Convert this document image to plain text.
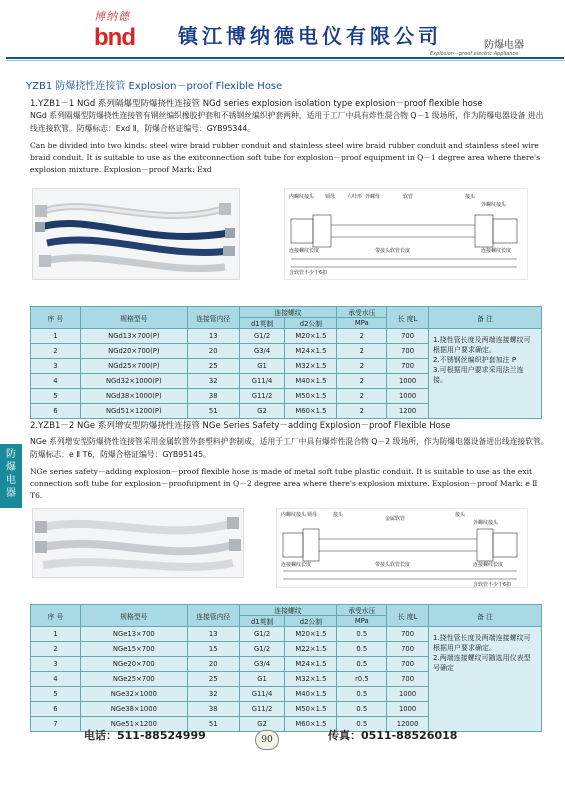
博纳德
bnd 镇江博纳德电仪有限公司	防爆电器
Explosion－proof electric Appliance
YZB1 防爆挠性连接管 Explosion－proof Flexible Hose
1.YZB1－1 NGd 系列隔爆型防爆挠性连接管 NGd series explosion isolation type explosion－proof flexible hose
NGd 系列隔爆型防爆挠性连接管有钢丝编织橡胶护套和不锈钢丝编织护套两种，适用于工厂中具有炸性混合物 Q－1 级场所，作为防爆电器设备 进出线连接软管。防爆标志：Exd Ⅱ，防爆合格证编号：GYB95344。
Can be divided into two kinds: steel wire braid rubber conduit and stainless steel wire braid rubber conduit and stainless steel wire braid conduit. It is suitable to use as the exitconnection soft tube for explosion－proof equipment in Q－1 degree area where there's explosion mixture. Explosion－proof Mark: Exd
内螺纹接头 锁母 六叶形 外螺母	软管	接头
外螺纹接头
连接螺纹长度	带接头软管长度	连接螺纹长度
含软管不少于6扣
序 号	规格型号	连接管内径	连接螺纹		承受水压	长 度L	备 注
			d1英制	d2公制	MPa		
1	NGd13×700(P)	13	G1/2	M20×1.5	2	700	1.挠性管长度及两端连接螺纹可根据用户要求确定。
2.不锈钢丝编织护套加注 P
3.可根据用户要求采用法兰连接。
2	NGd20×700(P)	20	G3/4	M24×1.5	2	700	
3	NGd25×700(P)	25	G1	M32×1.5	2	700	
4	NGd32×1000(P)	32	G11/4	M40×1.5	2	1000	
5	NGd38×1000(P)	38	G11/2	M50×1.5	2	1000	
6	NGd51×1200(P)	51	G2	M60×1.5	2	1200	
防爆电器
2.YZB1－2 NGe 系列增安型防爆挠性连接管 NGe Series Safety－adding Explosion－proof Flexible Hose
NGe 系列增安型防爆挠性连接管采用金属软管外套塑料护套制成，适用于工厂中具有爆炸性混合物 Q－2 级场所，作为防爆电器设备进出线连接软管。防爆标志：e Ⅱ T6，防爆合格证编号：GYB95145。
NGe series safety－adding explosion－proof flexible hose is made of metal soft tube plastic conduit. It is suitable to use as the exit connection soft tube for explosion－proofuipment in Q－2 degree area where there's explosion mixture. Explosion－proof Mark: e Ⅱ T6.
内螺纹接头 锁母	接头
金属软管
接头
外螺纹接头
连接螺纹长度	带接头软管长度	连接螺纹长度
含软管不少于6扣
序 号	规格型号	连接管内径	连接螺纹		承受水压	长 度L	备 注
			d1英制	d2公制	MPa		
1	NGe13×700	13	G1/2	M20×1.5	0.5	700	1.挠性管长度及两端连接螺纹可根据用户要求确定。
2.两端连接螺纹可随选用仪表型号确定
2	NGe15×700	15	G1/2	M22×1.5	0.5	700	
3	NGe20×700	20	G3/4	M24×1.5	0.5	700	
4	NGe25×700	25	G1	M32×1.5	r0.5	700	
5	NGe32×1000	32	G11/4	M40×1.5	0.5	1000	
6	NGe38×1000	38	G11/2	M50×1.5	0.5	1000	
7	NGe51×1200	51	G2	M60×1.5	0.5	12000	
电话：511-88524999	90	传真：0511-88526018
